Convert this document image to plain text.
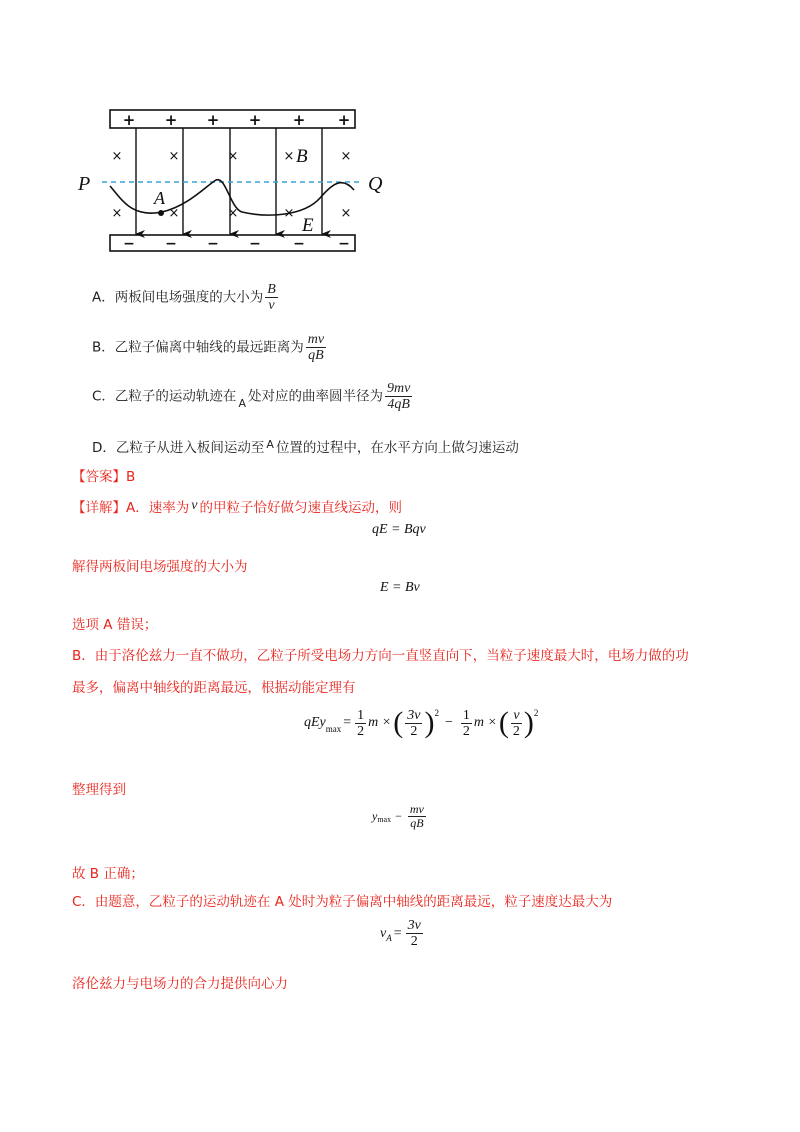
+ + + + + +
− − − − − −
×	×	×	×	×
×	×	×	×	×
P	Q
A
B
E
A．两板间电场强度的大小为 $\frac{B}{v}$
B．乙粒子偏离中轴线的最远距离为 $\frac{mv}{qB}$
C．乙粒子的运动轨迹在 $_A$ 处对应的曲率圆半径为 $\frac{9mv}{4qB}$
D．乙粒子从进入板间运动至 $^A$ 位置的过程中，在水平方向上做匀速运动
【答案】B
【详解】A．速率为 v 的甲粒子恰好做匀速直线运动，则
qE = Bqv
解得两板间电场强度的大小为
E = Bv
选项 A 错误；
B．由于洛伦兹力一直不做功，乙粒子所受电场力方向一直竖直向下，当粒子速度最大时，电场力做的功
最多，偏离中轴线的距离最远，根据动能定理有
qEy $\max = \frac{1}{2}$ m × ( $\frac{3v}{2}$ ) 2
− $\frac{1}{2}$ m × ( $\frac{v}{2}$ ) 2
整理得到
y $\max - \frac{mv}{qB}$
故 B 正确；
C．由题意，乙粒子的运动轨迹在 A 处时为粒子偏离中轴线的距离最远，粒子速度达最大为
v $A = \frac{3v}{2}$
洛伦兹力与电场力的合力提供向心力
